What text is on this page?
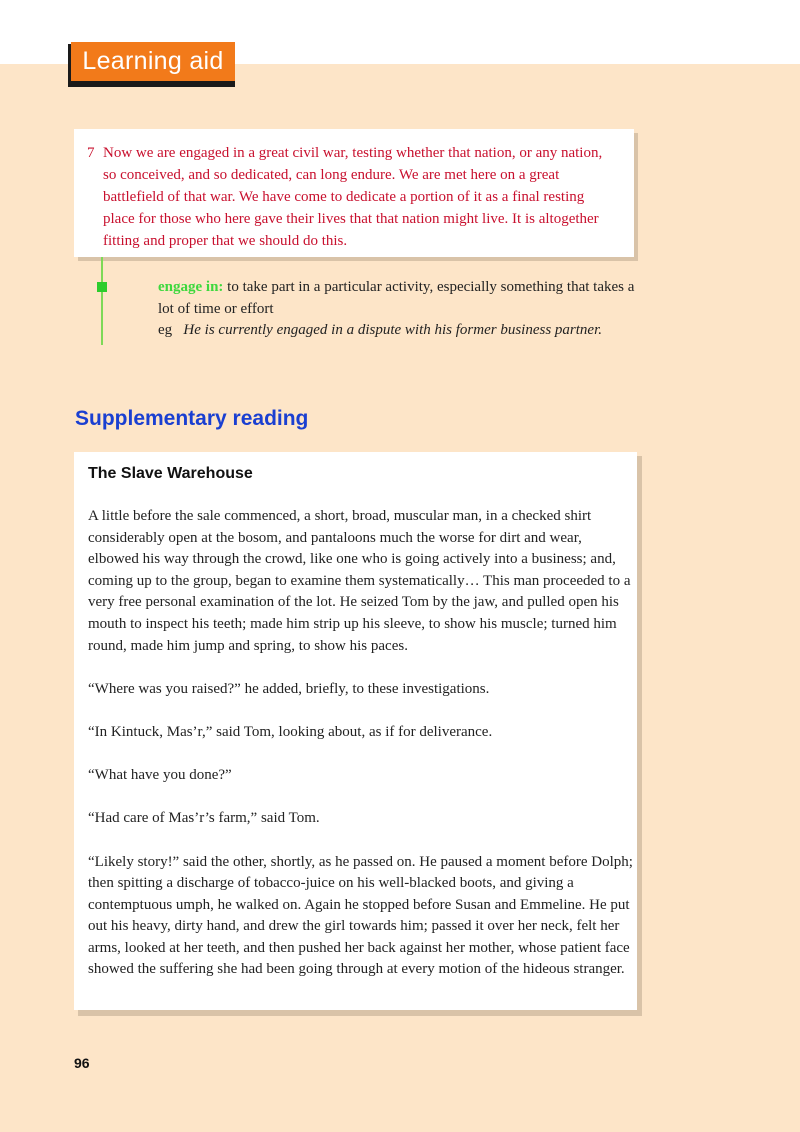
Learning aid
7 Now we are engaged in a great civil war, testing whether that nation, or any nation, so conceived, and so dedicated, can long endure. We are met here on a great battlefield of that war. We have come to dedicate a portion of it as a final resting place for those who here gave their lives that that nation might live. It is altogether fitting and proper that we should do this.
engage in: to take part in a particular activity, especially something that takes a lot of time or effort
eg He is currently engaged in a dispute with his former business partner.
Supplementary reading
The Slave Warehouse

A little before the sale commenced, a short, broad, muscular man, in a checked shirt considerably open at the bosom, and pantaloons much the worse for dirt and wear, elbowed his way through the crowd, like one who is going actively into a business; and, coming up to the group, began to examine them systematically… This man proceeded to a very free personal examination of the lot. He seized Tom by the jaw, and pulled open his mouth to inspect his teeth; made him strip up his sleeve, to show his muscle; turned him round, made him jump and spring, to show his paces.

“Where was you raised?” he added, briefly, to these investigations.

“In Kintuck, Mas’r,” said Tom, looking about, as if for deliverance.

“What have you done?”

“Had care of Mas’r’s farm,” said Tom.

“Likely story!” said the other, shortly, as he passed on. He paused a moment before Dolph; then spitting a discharge of tobacco-juice on his well-blacked boots, and giving a contemptuous umph, he walked on. Again he stopped before Susan and Emmeline. He put out his heavy, dirty hand, and drew the girl towards him; passed it over her neck, felt her arms, looked at her teeth, and then pushed her back against her mother, whose patient face showed the suffering she had been going through at every motion of the hideous stranger.

96
